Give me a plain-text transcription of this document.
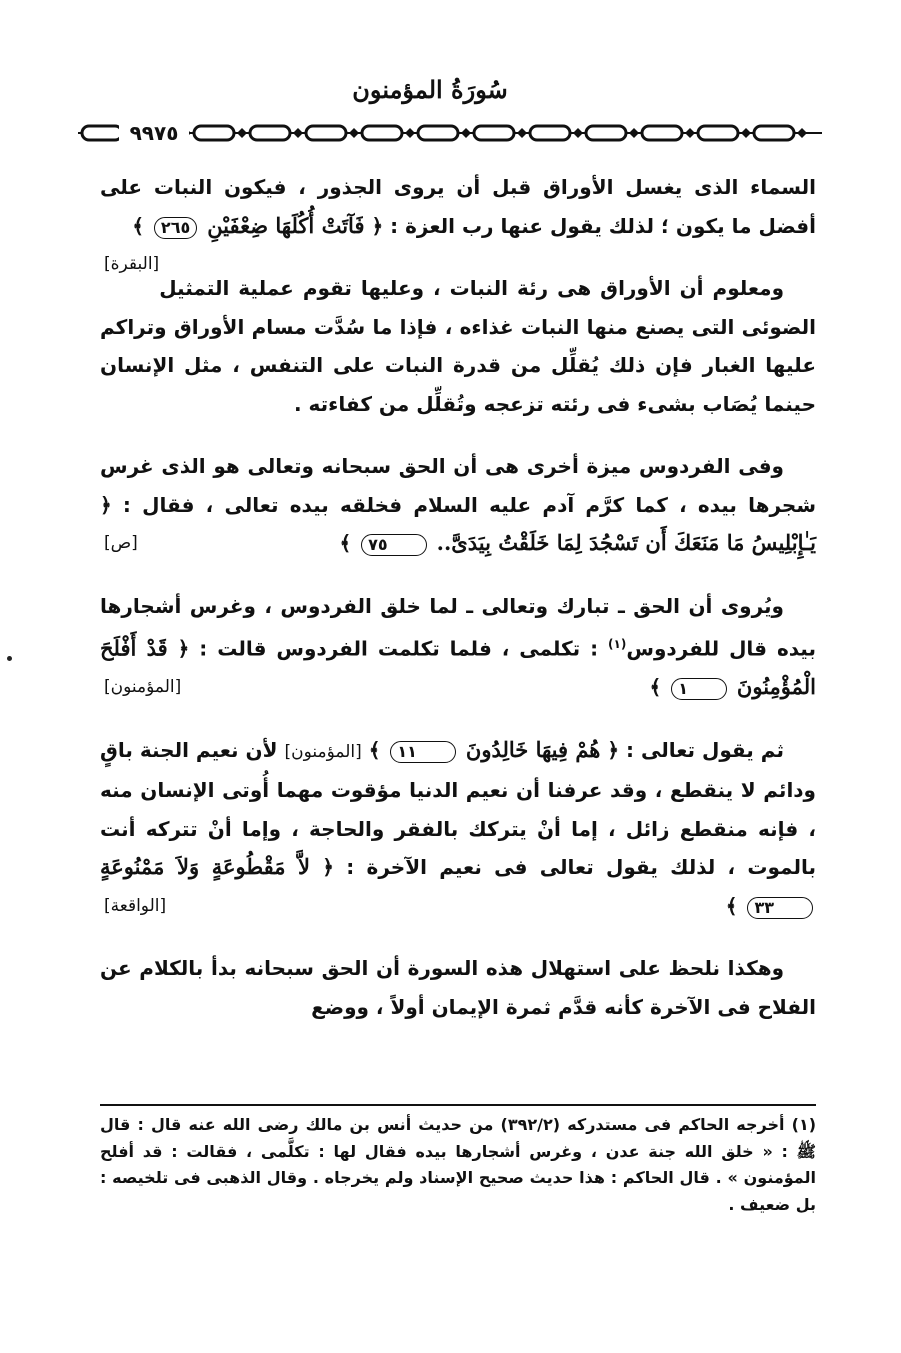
سُورَةُ المؤمنون
٩٩٧٥

السماء الذى يغسل الأوراق قبل أن يروى الجذور ، فيكون النبات على أفضل ما يكون ؛ لذلك يقول عنها رب العزة : ﴿ فَآتَتْ أُكُلَهَا ضِعْفَيْنِ ٢٦٥ ﴾
[البقرة]

ومعلوم أن الأوراق هى رئة النبات ، وعليها تقوم عملية التمثيل الضوئى التى يصنع منها النبات غذاءه ، فإذا ما سُدَّت مسام الأوراق وتراكم عليها الغبار فإن ذلك يُقلِّل من قدرة النبات على التنفس ، مثل الإنسان حينما يُصَاب بشىء فى رئته تزعجه وتُقلِّل من كفاءته .

وفى الفردوس ميزة أخرى هى أن الحق سبحانه وتعالى هو الذى غرس شجرها بيده ، كما كرَّم آدم عليه السلام فخلقه بيده تعالى ، فقال : ﴿ يَـٰإِبْلِيسُ مَا مَنَعَكَ أَن تَسْجُدَ لِمَا خَلَقْتُ بِيَدَىَّ.. ٧٥ ﴾
[ص]

ويُروى أن الحق ـ تبارك وتعالى ـ لما خلق الفردوس ، وغرس أشجارها بيده قال للفردوس$^{(١)}$ : تكلمى ، فلما تكلمت الفردوس قالت : ﴿ قَدْ أَفْلَحَ الْمُؤْمِنُونَ ١ ﴾
[المؤمنون]

ثم يقول تعالى : ﴿ هُمْ فِيهَا خَالِدُونَ ١١ ﴾ [المؤمنون] لأن نعيم الجنة باقٍ ودائم لا ينقطع ، وقد عرفنا أن نعيم الدنيا مؤقوت مهما أُوتى الإنسان منه ، فإنه منقطع زائل ، إما أنْ يتركك بالفقر والحاجة ، وإما أنْ تتركه أنت بالموت ، لذلك يقول تعالى فى نعيم الآخرة : ﴿ لاَّ مَقْطُوعَةٍ وَلاَ مَمْنُوعَةٍ ٣٣ ﴾
[الواقعة]

وهكذا نلحظ على استهلال هذه السورة أن الحق سبحانه بدأ بالكلام عن الفلاح فى الآخرة كأنه قدَّم ثمرة الإيمان أولاً ، ووضع

(١) أخرجه الحاكم فى مستدركه (٣٩٢/٢) من حديث أنس بن مالك رضى الله عنه قال : قال ﷺ : « خلق الله جنة عدن ، وغرس أشجارها بيده فقال لها : تكلَّمى ، فقالت : قد أفلح المؤمنون » . قال الحاكم : هذا حديث صحيح الإسناد ولم يخرجاه . وقال الذهبى فى تلخيصه : بل ضعيف .
